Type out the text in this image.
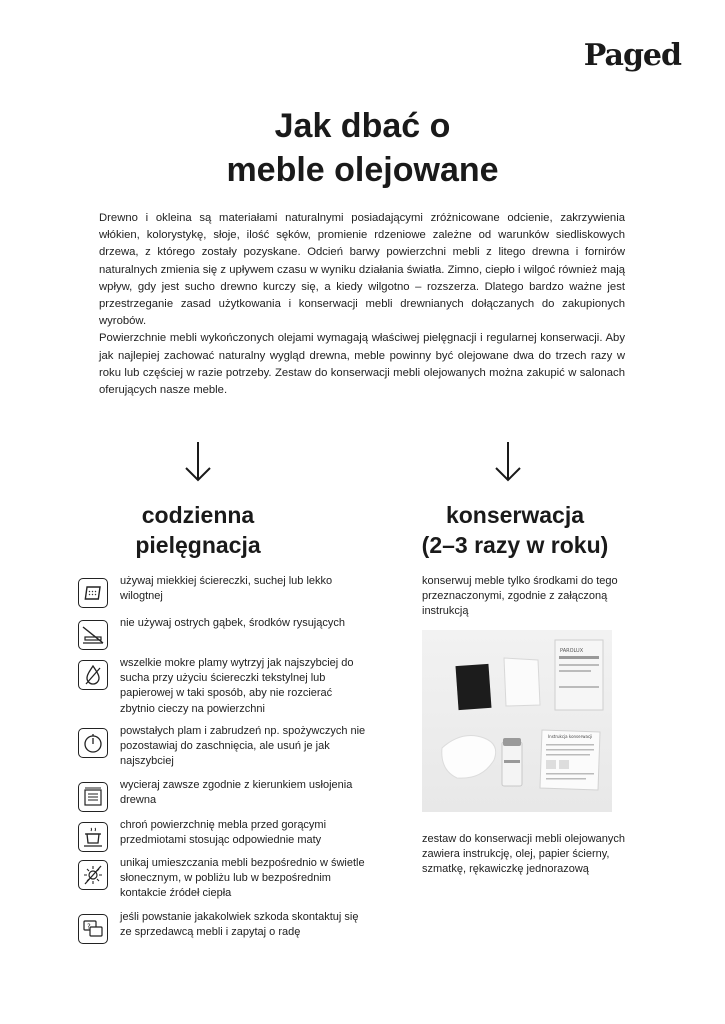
Paged
Jak dbać o
meble olejowane

Drewno i okleina są materiałami naturalnymi posiadającymi zróżnicowane odcienie, zakrzywienia włókien, kolorystykę, słoje, ilość sęków, promienie rdzeniowe zależne od warunków siedliskowych drzewa, z którego zostały pozyskane. Odcień barwy powierzchni mebli z litego drewna i fornirów naturalnych zmienia się z upływem czasu w wyniku działania światła. Zimno, ciepło i wilgoć również mają wpływ, gdy jest sucho drewno kurczy się, a kiedy wilgotno – rozszerza. Dlatego bardzo ważne jest przestrzeganie zasad użytkowania i konserwacji mebli drewnianych dołączanych do zakupionych wyrobów.

Powierzchnie mebli wykończonych olejami wymagają właściwej pielęgnacji i regularnej konserwacji. Aby jak najlepiej zachować naturalny wygląd drewna, meble powinny być olejowane dwa do trzech razy w roku lub częściej w razie potrzeby. Zestaw do konserwacji mebli olejowanych można zakupić w salonach oferujących nasze meble.

codzienna
pielęgnacja
konserwacja
(2–3 razy w roku)
używaj miekkiej ściereczki, suchej lub lekko wilogtnej
nie używaj ostrych gąbek, środków rysujących
wszelkie mokre plamy wytrzyj jak najszybciej do sucha przy użyciu ściereczki tekstylnej lub papierowej w taki sposób, aby nie rozcierać zbytnio cieczy na powierzchni
powstałych plam i zabrudzeń np. spożywczych nie pozostawiaj do zaschnięcia, ale usuń je jak najszybciej
wycieraj zawsze zgodnie z kierunkiem usłojenia drewna
chroń powierzchnię mebla przed gorącymi przedmiotami stosując odpowiednie maty
unikaj umieszczania mebli bezpośrednio w świetle słonecznym, w pobliżu lub w bezpośrednim kontakcie źródeł ciepła
?
jeśli powstanie jakakolwiek szkoda skontaktuj się ze sprzedawcą mebli i zapytaj o radę
konserwuj meble tylko środkami do tego przeznaczonymi, zgodnie z załączoną instrukcją
PAROLUX
Instrukcja konserwacji
zestaw do konserwacji mebli olejowanych zawiera instrukcję, olej, papier ścierny, szmatkę, rękawiczkę jednorazową
